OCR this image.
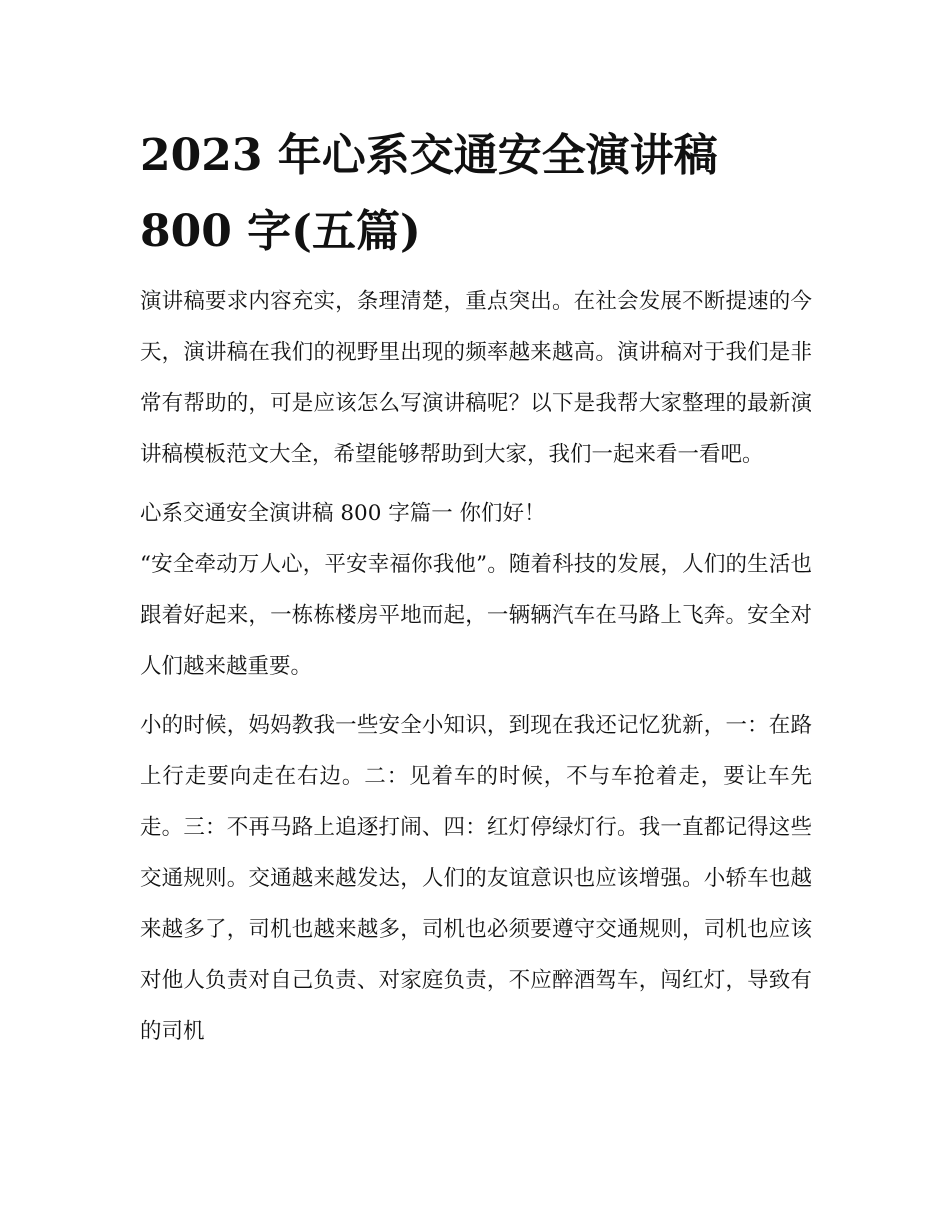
2023 年心系交通安全演讲稿
800 字(五篇)

演讲稿要求内容充实，条理清楚，重点突出。在社会发展不断提速的今天，演讲稿在我们的视野里出现的频率越来越高。演讲稿对于我们是非常有帮助的，可是应该怎么写演讲稿呢？以下是我帮大家整理的最新演讲稿模板范文大全，希望能够帮助到大家，我们一起来看一看吧。

心系交通安全演讲稿 800 字篇一 你们好！

“安全牵动万人心，平安幸福你我他”。随着科技的发展，人们的生活也跟着好起来，一栋栋楼房平地而起，一辆辆汽车在马路上飞奔。安全对人们越来越重要。

小的时候，妈妈教我一些安全小知识，到现在我还记忆犹新，一：在路上行走要向走在右边。二：见着车的时候，不与车抢着走，要让车先走。三：不再马路上追逐打闹、四：红灯停绿灯行。我一直都记得这些交通规则。交通越来越发达，人们的友谊意识也应该增强。小轿车也越来越多了，司机也越来越多，司机也必须要遵守交通规则，司机也应该对他人负责对自己负责、对家庭负责，不应醉酒驾车，闯红灯，导致有的司机
